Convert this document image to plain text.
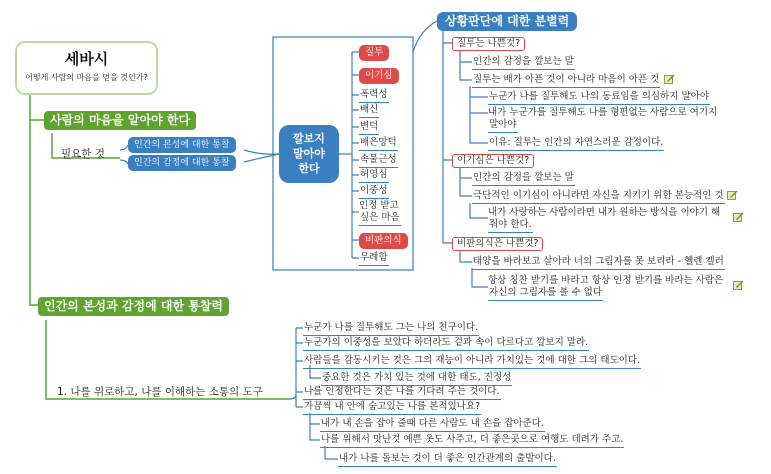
세바시
어떻게 사람의 마음을 얻을 것인가?
사람의 마음을 알아야 한다
필요한 것
인간의 본성에 대한 통찰
인간의 감정에 대한 통찰
인간의 본성과 감정에 대한 통찰력
1. 나를 위로하고, 나를 이해하는 소통의 도구
깔보지
말아야
한다
질투
이기심
폭력성
배신
변덕
배은망덕
속물근성
허영심
이중성
인정 받고
싶은 마음
비판의식
무례함
상황판단에 대한 분별력
질투는 나쁜것?
인간의 감정을 깔보는 말
질투는 배가 아픈 것이 아니라 마음이 아픈 것
누군가 나를 질투해도 나의 동료임을 의심하지 말아야
내가 누군가를 질투해도 나를 형편없는 사람으로 여기지
말아야
이유: 질투는 인간의 자연스러운 감정이다.
이기심은 나쁜것?
인간의 감정을 깔보는 말
극단적인 이기심이 아니라면 자신을 지키기 위한 본능적인 것
내가 사랑하는 사람이라면 내가 원하는 방식을 이야기 해
줘야 한다.
비판의식은 나쁜것?
태양을 바라보고 살아라 너의 그림자를 못 보리라 - 헬렌 켈러
항상 칭찬 받기를 바라고 항상 인정 받기를 바라는 사람은
자신의 그림자를 볼 수 없다
누군가 나를 질투해도 그는 나의 친구이다.
누군가의 이중성을 보았다 하더라도 겉과 속이 다르다고 깔보지 말라.
사람들을 감동시키는 것은 그의 재능이 아니라 가치있는 것에 대한 그의 태도이다.
중요한 것은 가치 있는 것에 대한 태도, 진정성
나를 인정한다는 것은 나를 기다려 주는 것이다.
가끔씩 내 안에 숨고있는 나를 본적있나요?
내가 내 손을 잡아 줄때 다른 사람도 내 손을 잡아준다.
나를 위해서 맛난것 예쁜 옷도 사주고, 더 좋은곳으로 여행도 데려가 주고.
내가 나를 돌보는 것이 더 좋은 인간관계의 출발이다.
